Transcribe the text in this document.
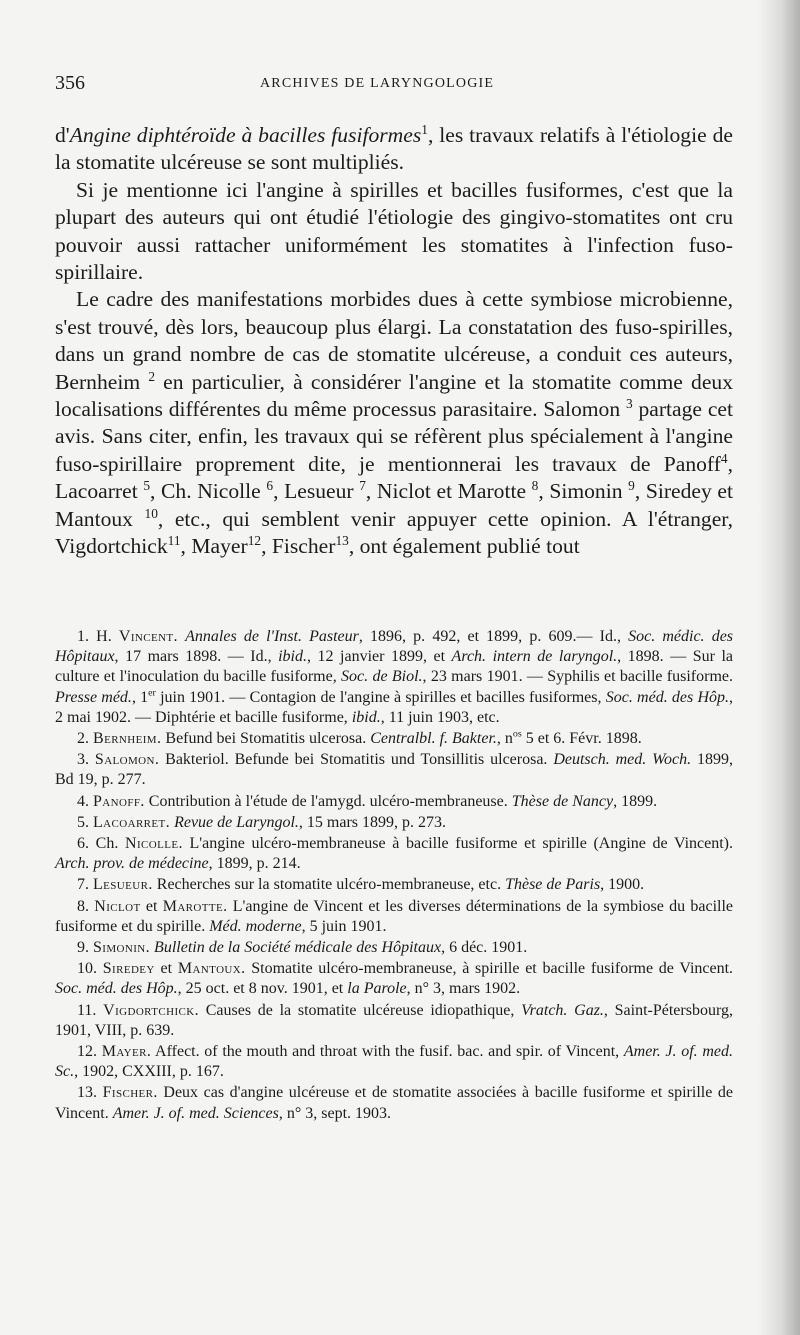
356	ARCHIVES DE LARYNGOLOGIE

d'Angine diphtéroïde à bacilles fusiformes$^1$, les travaux relatifs à l'étiologie de la stomatite ulcéreuse se sont multipliés.

Si je mentionne ici l'angine à spirilles et bacilles fusiformes, c'est que la plupart des auteurs qui ont étudié l'étiologie des gingivo-stomatites ont cru pouvoir aussi rattacher uniformément les stomatites à l'infection fuso-spirillaire.

Le cadre des manifestations morbides dues à cette symbiose microbienne, s'est trouvé, dès lors, beaucoup plus élargi. La constatation des fuso-spirilles, dans un grand nombre de cas de stomatite ulcéreuse, a conduit ces auteurs, Bernheim $^2$ en particulier, à considérer l'angine et la stomatite comme deux localisations différentes du même processus parasitaire. Salomon $^3$ partage cet avis. Sans citer, enfin, les travaux qui se réfèrent plus spécialement à l'angine fuso-spirillaire proprement dite, je mentionnerai les travaux de Panoff$^4$, Lacoarret $^5$, Ch. Nicolle $^6$, Lesueur $^7$, Niclot et Marotte $^8$, Simonin $^9$, Siredey et Mantoux $^{10}$, etc., qui semblent venir appuyer cette opinion. A l'étranger, Vigdortchick$^{11}$, Mayer$^{12}$, Fischer$^{13}$, ont également publié tout

1. H. Vincent. Annales de l'Inst. Pasteur, 1896, p. 492, et 1899, p. 609.— Id., Soc. médic. des Hôpitaux, 17 mars 1898. — Id., ibid., 12 janvier 1899, et Arch. intern de laryngol., 1898. — Sur la culture et l'inoculation du bacille fusiforme, Soc. de Biol., 23 mars 1901. — Syphilis et bacille fusiforme. Presse méd., 1er juin 1901. — Contagion de l'angine à spirilles et bacilles fusiformes, Soc. méd. des Hôp., 2 mai 1902. — Diphtérie et bacille fusiforme, ibid., 11 juin 1903, etc.

2. Bernheim. Befund bei Stomatitis ulcerosa. Centralbl. f. Bakter., $n^{os}$ 5 et 6. Févr. 1898.

3. Salomon. Bakteriol. Befunde bei Stomatitis und Tonsillitis ulcerosa. Deutsch. med. Woch. 1899, Bd 19, p. 277.

4. Panoff. Contribution à l'étude de l'amygd. ulcéro-membraneuse. Thèse de Nancy, 1899.

5. Lacoarret. Revue de Laryngol., 15 mars 1899, p. 273.

6. Ch. Nicolle. L'angine ulcéro-membraneuse à bacille fusiforme et spirille (Angine de Vincent). Arch. prov. de médecine, 1899, p. 214.

7. Lesueur. Recherches sur la stomatite ulcéro-membraneuse, etc. Thèse de Paris, 1900.

8. Niclot et Marotte. L'angine de Vincent et les diverses déterminations de la symbiose du bacille fusiforme et du spirille. Méd. moderne, 5 juin 1901.

9. Simonin. Bulletin de la Société médicale des Hôpitaux, 6 déc. 1901.

10. Siredey et Mantoux. Stomatite ulcéro-membraneuse, à spirille et bacille fusiforme de Vincent. Soc. méd. des Hôp., 25 oct. et 8 nov. 1901, et la Parole, n° 3, mars 1902.

11. Vigdortchick. Causes de la stomatite ulcéreuse idiopathique, Vratch. Gaz., Saint-Pétersbourg, 1901, VIII, p. 639.

12. Mayer. Affect. of the mouth and throat with the fusif. bac. and spir. of Vincent, Amer. J. of. med. Sc., 1902, CXXIII, p. 167.

13. Fischer. Deux cas d'angine ulcéreuse et de stomatite associées à bacille fusiforme et spirille de Vincent. Amer. J. of. med. Sciences, n° 3, sept. 1903.
